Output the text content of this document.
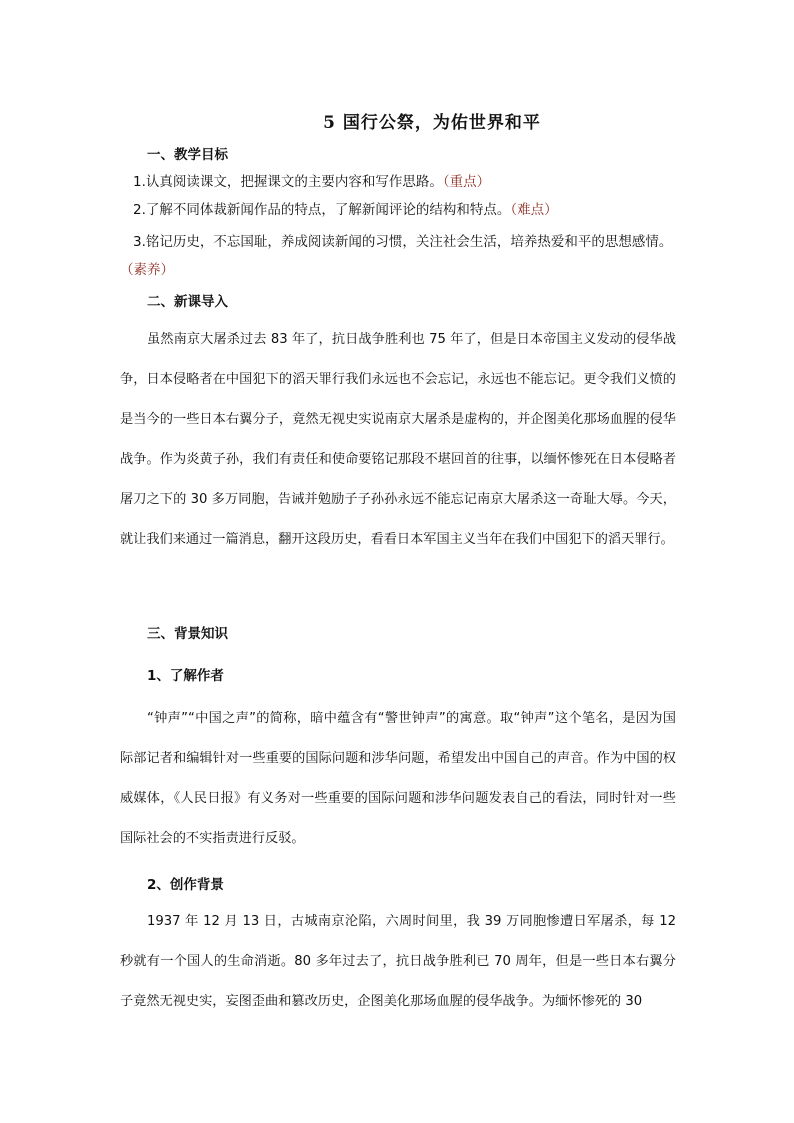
5 国行公祭，为佑世界和平
一、教学目标
1.认真阅读课文，把握课文的主要内容和写作思路。（重点）
2.了解不同体裁新闻作品的特点，了解新闻评论的结构和特点。（难点）
3.铭记历史，不忘国耻，养成阅读新闻的习惯，关注社会生活，培养热爱和平的思想感情。（素养）
二、新课导入
虽然南京大屠杀过去 83 年了，抗日战争胜利也 75 年了，但是日本帝国主义发动的侵华战争，日本侵略者在中国犯下的滔天罪行我们永远也不会忘记，永远也不能忘记。更令我们义愤的是当今的一些日本右翼分子，竟然无视史实说南京大屠杀是虚构的，并企图美化那场血腥的侵华战争。作为炎黄子孙，我们有责任和使命要铭记那段不堪回首的往事，以缅怀惨死在日本侵略者屠刀之下的 30 多万同胞，告诫并勉励子子孙孙永远不能忘记南京大屠杀这一奇耻大辱。今天，就让我们来通过一篇消息，翻开这段历史，看看日本军国主义当年在我们中国犯下的滔天罪行。
三、背景知识
1、了解作者
“钟声”“中国之声”的简称，暗中蕴含有“警世钟声”的寓意。取“钟声”这个笔名，是因为国际部记者和编辑针对一些重要的国际问题和涉华问题，希望发出中国自己的声音。作为中国的权威媒体，《人民日报》有义务对一些重要的国际问题和涉华问题发表自己的看法，同时针对一些国际社会的不实指责进行反驳。
2、创作背景
1937 年 12 月 13 日，古城南京沦陷，六周时间里，我 39 万同胞惨遭日军屠杀，每 12 秒就有一个国人的生命消逝。80 多年过去了，抗日战争胜利已 70 周年，但是一些日本右翼分子竟然无视史实，妄图歪曲和篡改历史，企图美化那场血腥的侵华战争。为缅怀惨死的 30
